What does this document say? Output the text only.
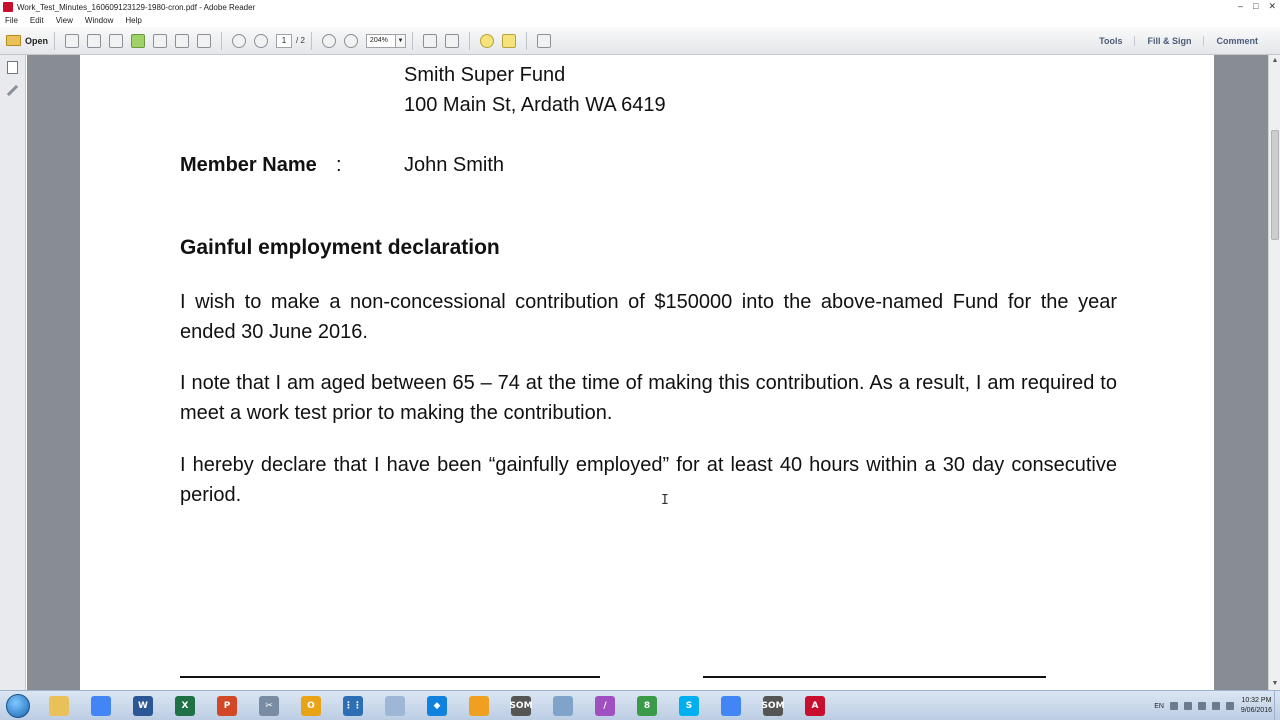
Work_Test_Minutes_160609123129-1980-cron.pdf - Adobe Reader	– □ ✕
File Edit View Window Help
Open	1	/ 2	204%	▼	Tools	Fill & Sign	Comment
▲
▼
Smith Super Fund
100 Main St, Ardath WA 6419
Member Name :	John Smith
Gainful employment declaration
I wish to make a non-concessional contribution of $150000 into the above-named Fund for the year ended 30 June 2016.
I note that I am aged between 65 – 74 at the time of making this contribution. As a result, I am required to meet a work test prior to making the contribution.
I hereby declare that I have been “gainfully employed” for at least 40 hours within a 30 day consecutive period.	I
W	X	P	✂	O	⋮⋮	◆	SOM	/	8	S	SOM	A	EN
10:32 PM
9/06/2016
